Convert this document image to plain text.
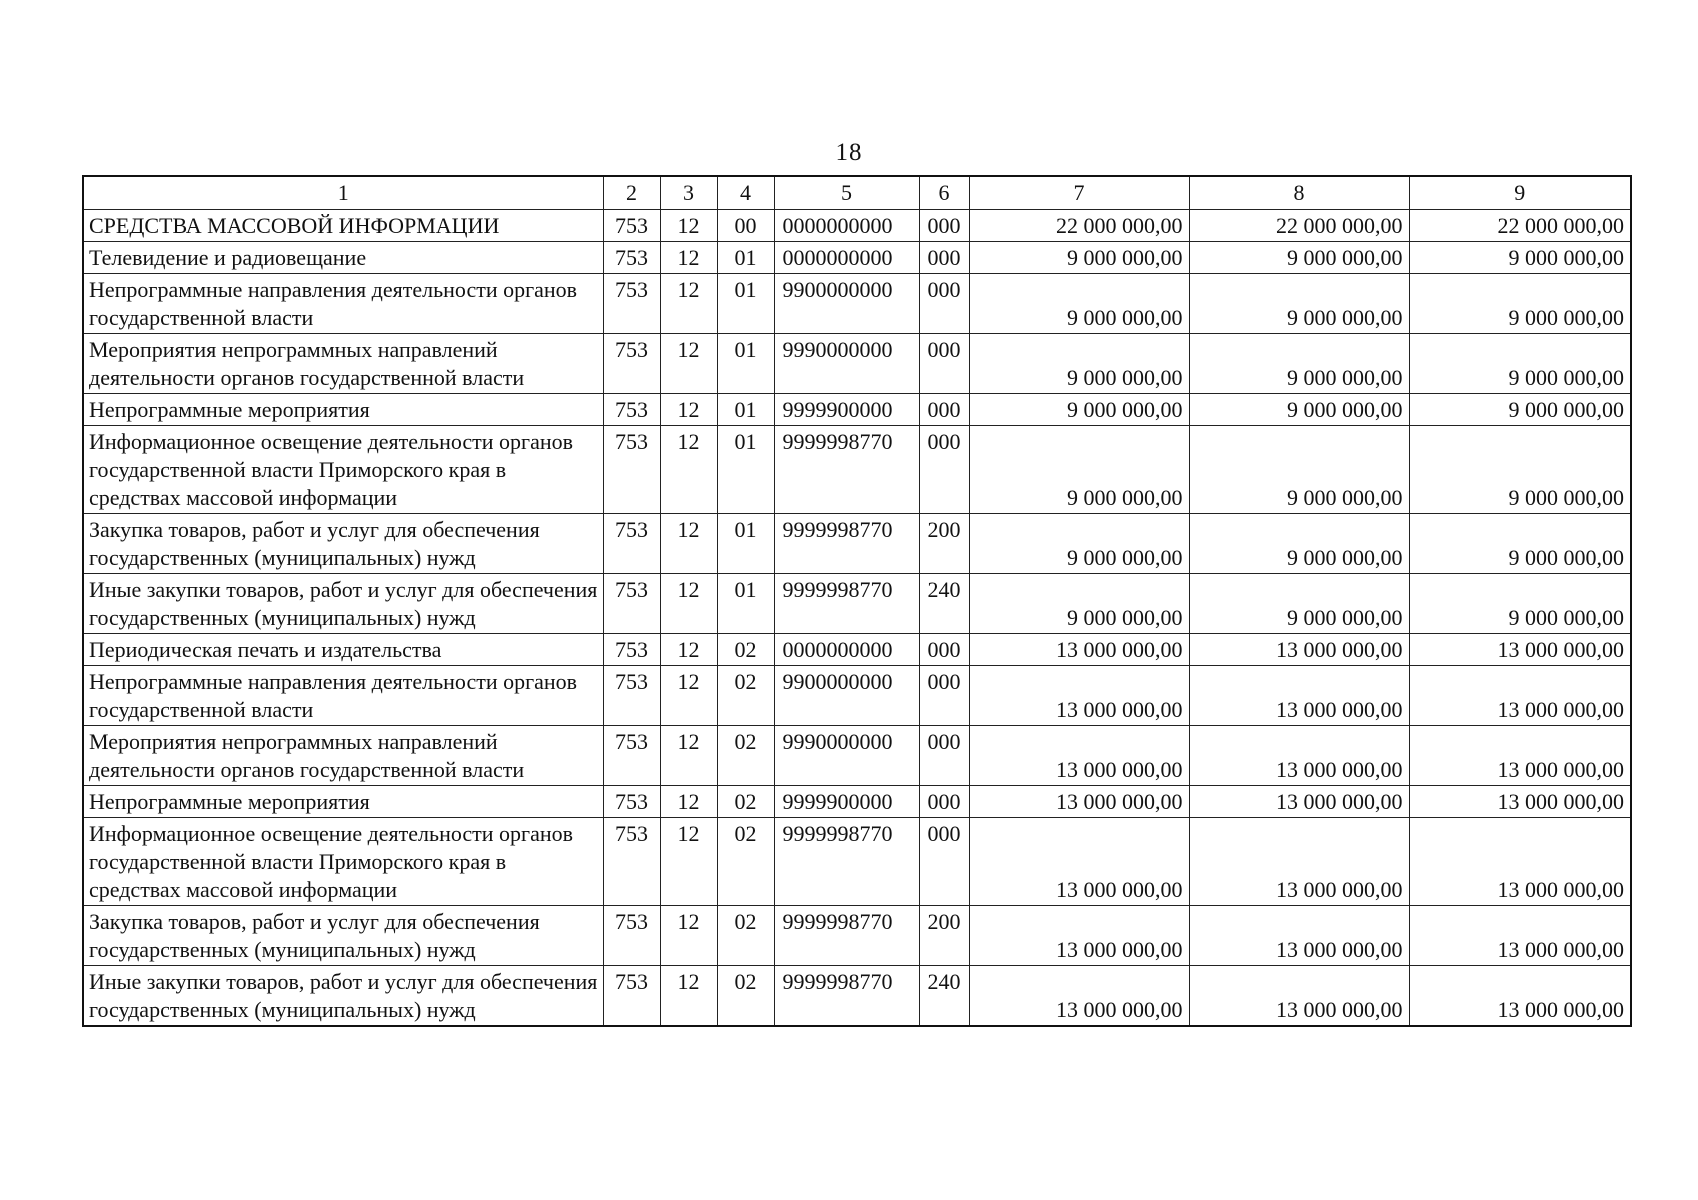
18
1	2	3	4	5	6	7	8	9
СРЕДСТВА МАССОВОЙ ИНФОРМАЦИИ	753	12	00	0000000000	000	22 000 000,00	22 000 000,00	22 000 000,00
Телевидение и радиовещание	753	12	01	0000000000	000	9 000 000,00	9 000 000,00	9 000 000,00
Непрограммные направления деятельности органов государственной власти	753	12	01	9900000000	000	9 000 000,00	9 000 000,00	9 000 000,00
Мероприятия непрограммных направлений деятельности органов государственной власти	753	12	01	9990000000	000	9 000 000,00	9 000 000,00	9 000 000,00
Непрограммные мероприятия	753	12	01	9999900000	000	9 000 000,00	9 000 000,00	9 000 000,00
Информационное освещение деятельности органов государственной власти Приморского края в средствах массовой информации	753	12	01	9999998770	000	9 000 000,00	9 000 000,00	9 000 000,00
Закупка товаров, работ и услуг для обеспечения государственных (муниципальных) нужд	753	12	01	9999998770	200	9 000 000,00	9 000 000,00	9 000 000,00
Иные закупки товаров, работ и услуг для обеспечения государственных (муниципальных) нужд	753	12	01	9999998770	240	9 000 000,00	9 000 000,00	9 000 000,00
Периодическая печать и издательства	753	12	02	0000000000	000	13 000 000,00	13 000 000,00	13 000 000,00
Непрограммные направления деятельности органов государственной власти	753	12	02	9900000000	000	13 000 000,00	13 000 000,00	13 000 000,00
Мероприятия непрограммных направлений деятельности органов государственной власти	753	12	02	9990000000	000	13 000 000,00	13 000 000,00	13 000 000,00
Непрограммные мероприятия	753	12	02	9999900000	000	13 000 000,00	13 000 000,00	13 000 000,00
Информационное освещение деятельности органов государственной власти Приморского края в средствах массовой информации	753	12	02	9999998770	000	13 000 000,00	13 000 000,00	13 000 000,00
Закупка товаров, работ и услуг для обеспечения государственных (муниципальных) нужд	753	12	02	9999998770	200	13 000 000,00	13 000 000,00	13 000 000,00
Иные закупки товаров, работ и услуг для обеспечения государственных (муниципальных) нужд	753	12	02	9999998770	240	13 000 000,00	13 000 000,00	13 000 000,00
